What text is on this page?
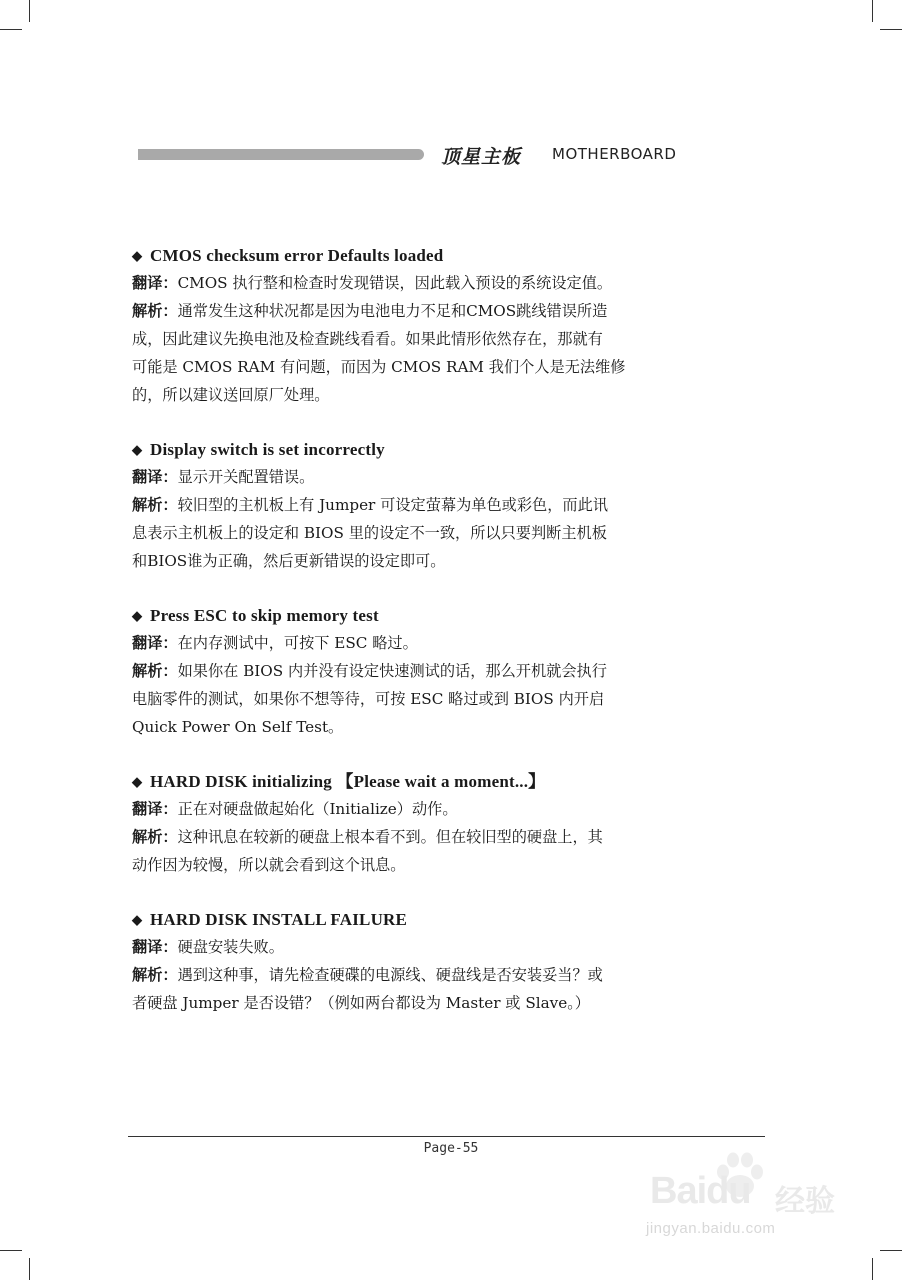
顶星主板 MOTHERBOARD
◆ CMOS checksum error Defaults loaded
翻译：CMOS 执行整和检查时发现错误，因此载入预设的系统设定值。
解析：通常发生这种状况都是因为电池电力不足和CMOS跳线错误所造
成，因此建议先换电池及检查跳线看看。如果此情形依然存在，那就有
可能是 CMOS RAM 有问题，而因为 CMOS RAM 我们个人是无法维修
的，所以建议送回原厂处理。
◆ Display switch is set incorrectly
翻译：显示开关配置错误。
解析：较旧型的主机板上有 Jumper 可设定萤幕为单色或彩色，而此讯
息表示主机板上的设定和 BIOS 里的设定不一致，所以只要判断主机板
和BIOS谁为正确，然后更新错误的设定即可。
◆ Press ESC to skip memory test
翻译：在内存测试中，可按下 ESC 略过。
解析：如果你在 BIOS 内并没有设定快速测试的话，那么开机就会执行
电脑零件的测试，如果你不想等待，可按 ESC 略过或到 BIOS 内开启
Quick Power On Self Test。
◆ HARD DISK initializing 【Please wait a moment...】
翻译：正在对硬盘做起始化（Initialize）动作。
解析：这种讯息在较新的硬盘上根本看不到。但在较旧型的硬盘上，其
动作因为较慢，所以就会看到这个讯息。
◆ HARD DISK INSTALL FAILURE
翻译：硬盘安装失败。
解析：遇到这种事，请先检查硬碟的电源线、硬盘线是否安装妥当？或
者硬盘 Jumper 是否设错？（例如两台都设为 Master 或 Slave。）
Page-55
Baidu 经验
jingyan.baidu.com
